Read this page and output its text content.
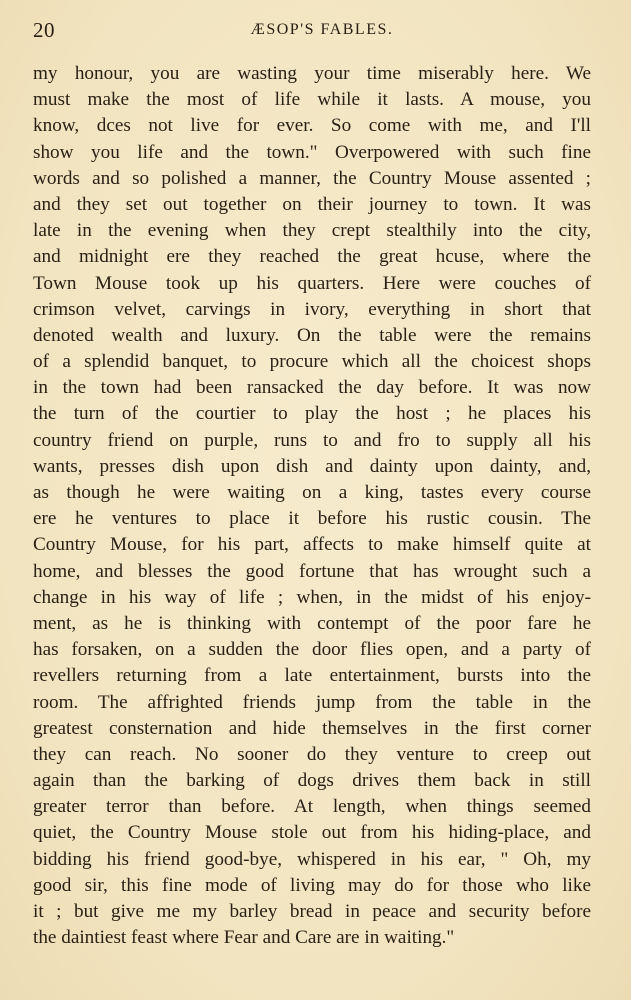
20	ÆSOP'S FABLES.
my honour, you are wasting your time miserably here. We
must make the most of life while it lasts. A mouse, you
know, dces not live for ever. So come with me, and I'll
show you life and the town." Overpowered with such fine
words and so polished a manner, the Country Mouse assented ;
and they set out together on their journey to town. It was
late in the evening when they crept stealthily into the city,
and midnight ere they reached the great hcuse, where the
Town Mouse took up his quarters. Here were couches of
crimson velvet, carvings in ivory, everything in short that
denoted wealth and luxury. On the table were the remains
of a splendid banquet, to procure which all the choicest shops
in the town had been ransacked the day before. It was now
the turn of the courtier to play the host ; he places his
country friend on purple, runs to and fro to supply all his
wants, presses dish upon dish and dainty upon dainty, and,
as though he were waiting on a king, tastes every course
ere he ventures to place it before his rustic cousin. The
Country Mouse, for his part, affects to make himself quite at
home, and blesses the good fortune that has wrought such a
change in his way of life ; when, in the midst of his enjoy-
ment, as he is thinking with contempt of the poor fare he
has forsaken, on a sudden the door flies open, and a party of
revellers returning from a late entertainment, bursts into the
room. The affrighted friends jump from the table in the
greatest consternation and hide themselves in the first corner
they can reach. No sooner do they venture to creep out
again than the barking of dogs drives them back in still
greater terror than before. At length, when things seemed
quiet, the Country Mouse stole out from his hiding-place, and
bidding his friend good-bye, whispered in his ear, " Oh, my
good sir, this fine mode of living may do for those who like
it ; but give me my barley bread in peace and security before
the daintiest feast where Fear and Care are in waiting."
